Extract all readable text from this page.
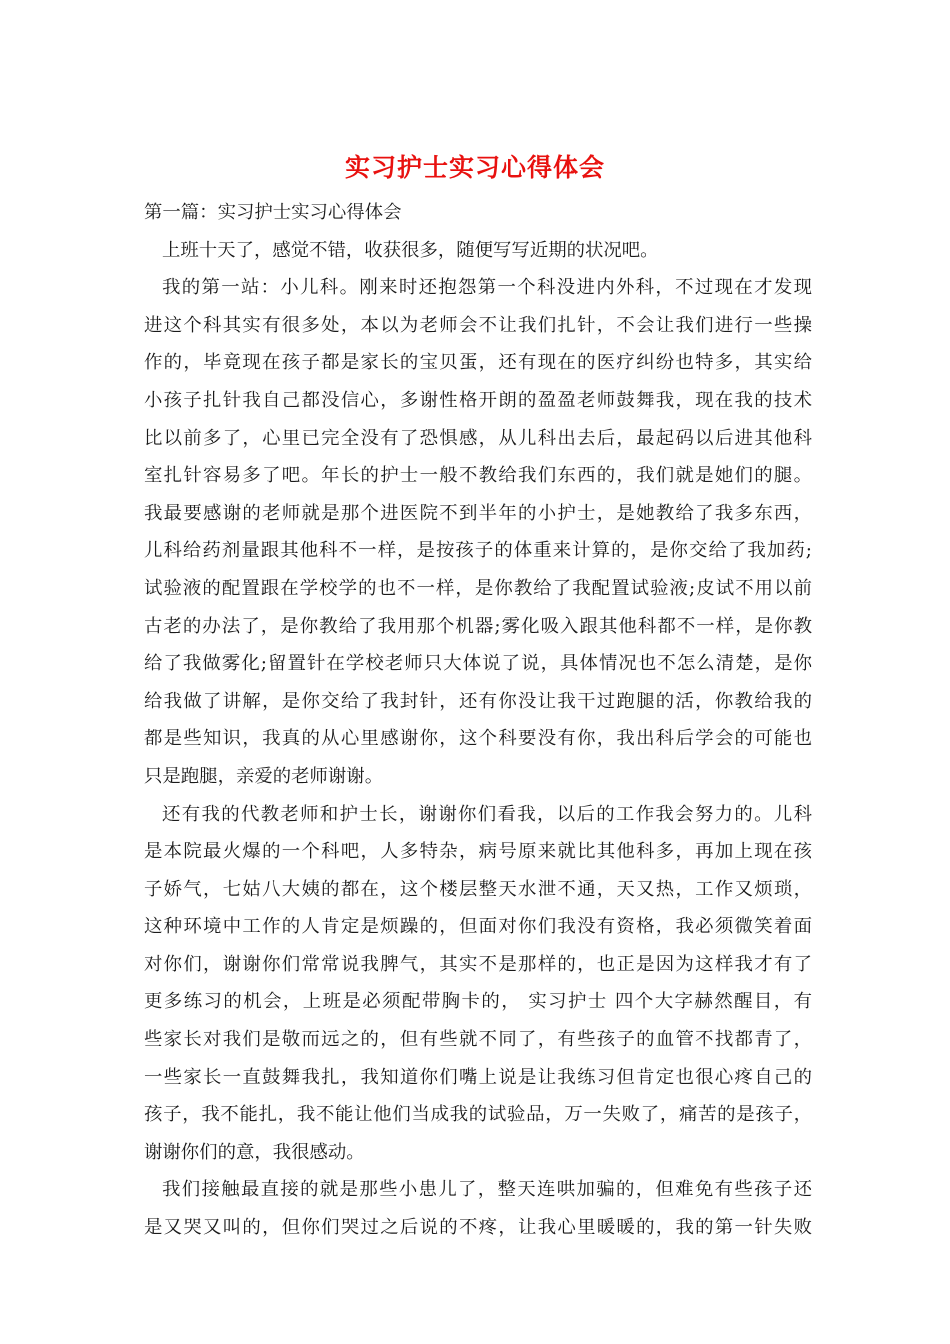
实习护士实习心得体会

第一篇：实习护士实习心得体会

上班十天了，感觉不错，收获很多，随便写写近期的状况吧。
我的第一站：小儿科。刚来时还抱怨第一个科没进内外科，不过现在才发现
进这个科其实有很多处，本以为老师会不让我们扎针，不会让我们进行一些操
作的，毕竟现在孩子都是家长的宝贝蛋，还有现在的医疗纠纷也特多，其实给
小孩子扎针我自己都没信心，多谢性格开朗的盈盈老师鼓舞我，现在我的技术
比以前多了，心里已完全没有了恐惧感，从儿科出去后，最起码以后进其他科
室扎针容易多了吧。年长的护士一般不教给我们东西的，我们就是她们的腿。
我最要感谢的老师就是那个进医院不到半年的小护士，是她教给了我多东西，
儿科给药剂量跟其他科不一样，是按孩子的体重来计算的，是你交给了我加药;
试验液的配置跟在学校学的也不一样，是你教给了我配置试验液;皮试不用以前
古老的办法了，是你教给了我用那个机器;雾化吸入跟其他科都不一样，是你教
给了我做雾化;留置针在学校老师只大体说了说，具体情况也不怎么清楚，是你
给我做了讲解，是你交给了我封针，还有你没让我干过跑腿的活，你教给我的
都是些知识，我真的从心里感谢你，这个科要没有你，我出科后学会的可能也
只是跑腿，亲爱的老师谢谢。
还有我的代教老师和护士长，谢谢你们看我，以后的工作我会努力的。儿科
是本院最火爆的一个科吧，人多特杂，病号原来就比其他科多，再加上现在孩
子娇气，七姑八大姨的都在，这个楼层整天水泄不通，天又热，工作又烦琐，
这种环境中工作的人肯定是烦躁的，但面对你们我没有资格，我必须微笑着面
对你们，谢谢你们常常说我脾气，其实不是那样的，也正是因为这样我才有了
更多练习的机会，上班是必须配带胸卡的， 实习护士 四个大字赫然醒目，有
些家长对我们是敬而远之的，但有些就不同了，有些孩子的血管不找都青了，
一些家长一直鼓舞我扎，我知道你们嘴上说是让我练习但肯定也很心疼自己的
孩子，我不能扎，我不能让他们当成我的试验品，万一失败了，痛苦的是孩子，
谢谢你们的意，我很感动。
我们接触最直接的就是那些小患儿了，整天连哄加骗的，但难免有些孩子还
是又哭又叫的，但你们哭过之后说的不疼，让我心里暖暖的，我的第一针失败
